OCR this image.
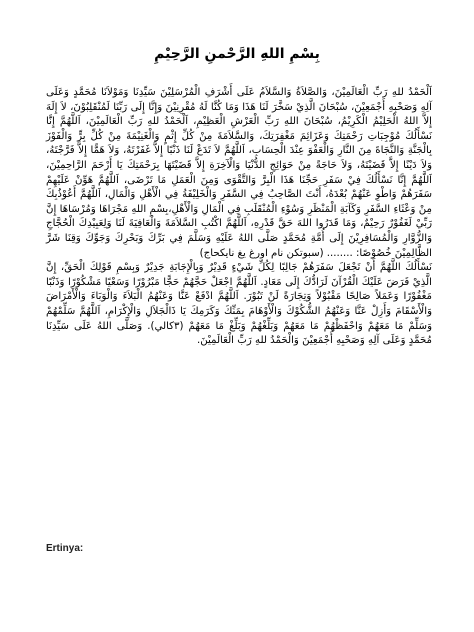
بِسْمِ اللهِ الرَّحْمنِ الرَّحِيْمِ

اَلْحَمْدُ للهِ رَبِّ الْعَالَمِيْنَ، وَالصَّلاَةُ وَالسَّلاَمُ عَلَى أَشْرَفِ الْمُرْسَلِيْنَ سَيِّدِنَا وَمَوْلاَنَا مُحَمَّدٍ وَعَلَى آلِهِ وَصَحْبِهِ أَجْمَعِيْنَ، سُبْحَانَ الَّذِيْ سَخَّرَ لَنَا هَذَا وَمَا كُنَّا لَهُ مُقْرِنِيْنَ وَإِنَّا إِلَى رَبِّنَا لَمُنْقَلِبُوْنَ، لاَ إِلَهَ إِلاَّ اللهُ الْحَلِيْمُ الْكَرِيْمُ، سُبْحَانَ اللهِ رَبِّ الْعَرْشِ الْعَظِيْمِ، اَلْحَمْدُ للهِ رَبِّ الْعَالَمِيْنَ، اَللَّهُمَّ إِنَّا نَسْأَلُكَ مُوْجِبَاتِ رَحْمَتِكَ وَعَزَائِمَ مَغْفِرَتِكَ، وَالسَّلاَمَةَ مِنْ كُلِّ إِثْمٍ وَالْغَنِيْمَةَ مِنْ كُلِّ بِرٍّ وَالْفَوْزَ بِالْجَنَّةِ وَالنَّجَاةَ مِنَ النَّارِ وَالْعَفْوَ عِنْدَ الْحِسَابِ، اَللَّهُمَّ لاَ تَدَعْ لَنَا ذَنْبًا إِلاَّ غَفَرْتَهُ، وَلاَ هَمًّا إِلاَّ فَرَّجْتَهُ، وَلاَ دَيْنًا إِلاَّ قَضَيْتَهُ، وَلاَ حَاجَةً مِنْ حَوَائِجِ الدُّنْيَا وَالْآخِرَةِ إِلاَّ قَضَيْتَهَا بِرَحْمَتِكَ يَا أَرْحَمَ الرَّاحِمِيْنَ، اَللَّهُمَّ إِنَّا نَسْأَلُكَ فِيْ سَفَرِ حَجِّنَا هَذَا الْبِرَّ وَالتَّقْوَى وَمِنَ الْعَمَلِ مَا تَرْضَى، اَللَّهُمَّ هَوِّنْ عَلَيْهِمْ سَفَرَهُمْ وَاطْوِ عَنْهُمْ بُعْدَهُ، أَنْتَ الصَّاحِبُ فِي السَّفَرِ وَالْخَلِيْفَةُ فِي الْأَهْلِ وَالْمَالِ، اَللَّهُمَّ أَعُوْذُبِكَ مِنْ وَعْثَاءِ السَّفَرِ وَكَآبَةِ الْمَنْظَرِ وَسُوْءِ الْمُنْقَلَبِ فِي الْمَالِ وَالْأَهْلِ،بِسْمِ اللهِ مَجْرَاهَا وَمُرْسَاهَا إِنَّ رَبِّيْ لَغَفُوْرٌ رَحِيْمٌ، وَمَا قَدَرُوا اللهَ حَقَّ قَدْرِهِ، اَللَّهُمَّ اكْتُبِ السَّلاَمَةَ وَالْعَافِيَةَ لَنَا وَلِعَبِيْدِكَ الْحُجَّاجِ وَالزُّوَّارِ وَالْمُسَافِرِيْنَ إِلَى أُمَّةِ مُحَمَّدٍ صَلَّى اللهُ عَلَيْهِ وَسَلَّمَ فِي بَرِّكَ وَبَحْرِكَ وَجَوِّكَ وَقِنَا شَرَّ الظَّالِمِيْنَ خُصُوْصًا: ........ (سبوتكن نام اورغ يغ نايكحاج)

نَسْأَلُكَ اللَّهُمَّ أَنْ تَجْعَلَ سَفَرَهُمْ جَالِبًا لِكُلِّ شَيْءٍ قَدِيْرٌ وَبِالْإِجَابَةِ جَدِيْرٌ وَبِسْمِ قَوْلِكَ الْحَقِّ، إِنَّ الَّذِيْ فَرَضَ عَلَيْكَ الْقُرْآنَ لَرَادُّكَ إِلَى مَعَادٍ. اَللَّهُمَّ اجْعَلْ حَجَّهُمْ حَجًّا مَبْرُوْرًا وَسَعْيًا مَشْكُوْرًا وَذَنْبًا مَغْفُوْرًا وَعَمَلاً صَالِحًا مَقْبُوْلاً وَتِجَارَةً لَنْ تَبُوْرَ. اَللَّهُمَّ ادْفَعْ عَنَّا وَعَنْهُمُ الْبَلاَءَ وَالْوَبَاءَ وَالْأَمْرَاضَ وَالْأَسْقَامَ وَأَزِلْ عَنَّا وَعَنْهُمُ الشُّكُوْكَ وَالْأَوْهَامَ بِمَنِّكَ وَكَرَمِكَ يَا ذَالْجَلاَلِ وَالْإِكْرَامِ، اَللَّهُمَّ سَلِّمْهُمْ وَسَلِّمْ مَا مَعَهُمْ وَاحْفَظْهُمْ مَا مَعَهُمْ وَبَلِّغْهُمْ وَبَلِّغْ مَا مَعَهُمْ (٣كالي). وَصَلَّى اللهُ عَلَى سَيِّدِنَا مُحَمَّدٍ وَعَلَى آلِهِ وَصَحْبِهِ أَجْمَعِيْنَ وَالْحَمْدُ للهِ رَبِّ الْعَالَمِيْنَ.

Ertinya:
